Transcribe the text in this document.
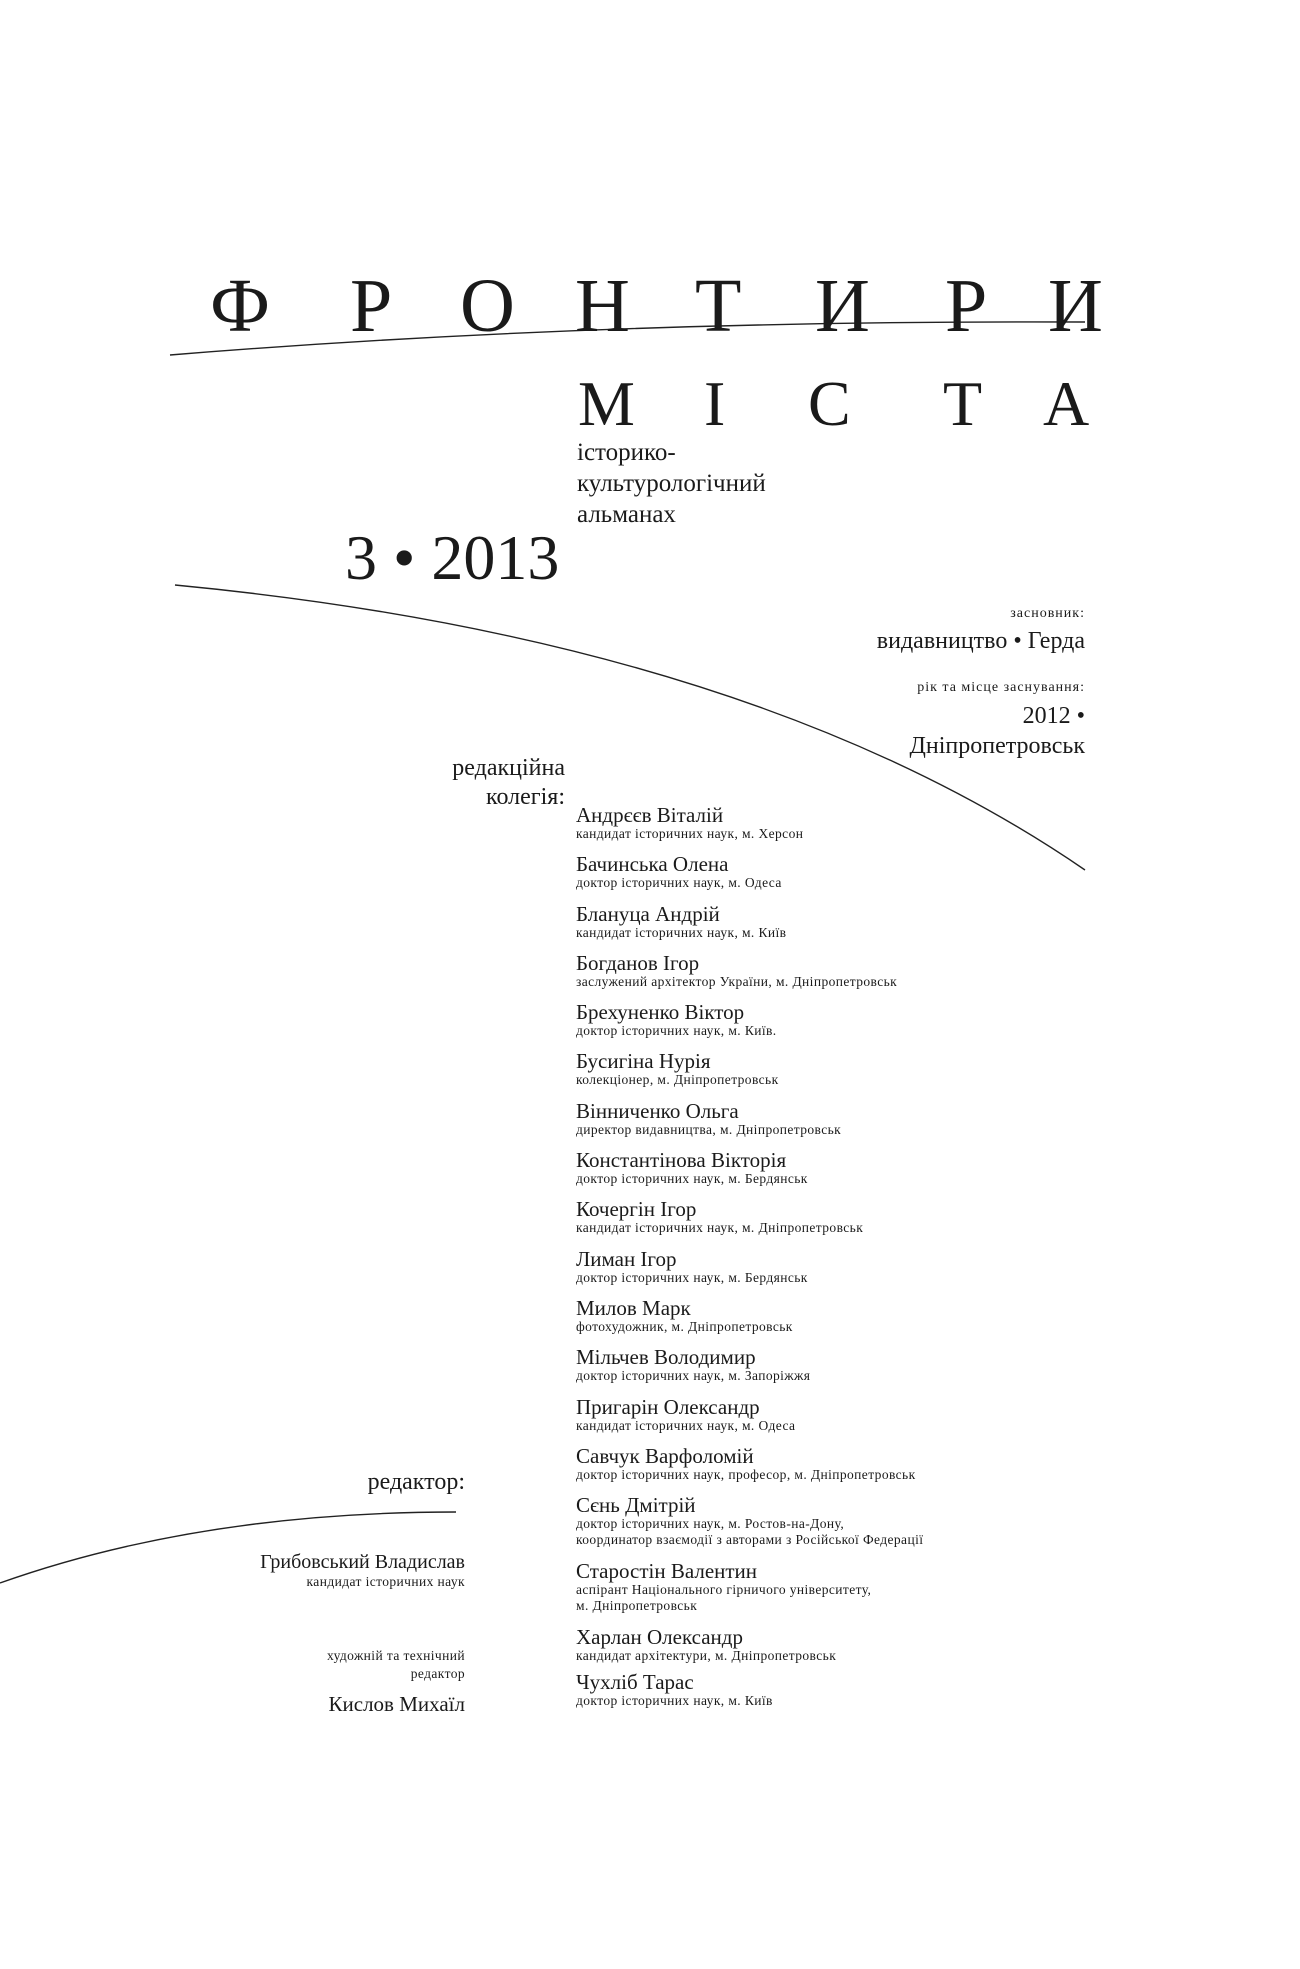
Ф Р О Н Т И Р И
М І С Т А
історико-
культурологічний
альманах
3 • 2013
засновник:
видавництво • Герда
рік та місце заснування:
2012 •
Дніпропетровськ
редакційна
колегія:
Андрєєв Віталій
кандидат історичних наук, м. Херсон
Бачинська Олена
доктор історичних наук, м. Одеса
Блануца Андрій
кандидат історичних наук, м. Київ
Богданов Ігор
заслужений архітектор України, м. Дніпропетровськ
Брехуненко Віктор
доктор історичних наук, м. Київ.
Бусигіна Нурія
колекціонер, м. Дніпропетровськ
Вінниченко Ольга
директор видавництва, м. Дніпропетровськ
Константінова Вікторія
доктор історичних наук, м. Бердянськ
Кочергін Ігор
кандидат історичних наук, м. Дніпропетровськ
Лиман Ігор
доктор історичних наук, м. Бердянськ
Милов Марк
фотохудожник, м. Дніпропетровськ
Мільчев Володимир
доктор історичних наук, м. Запоріжжя
Пригарін Олександр
кандидат історичних наук, м. Одеса
Савчук Варфоломій
доктор історичних наук, професор, м. Дніпропетровськ
Сєнь Дмітрій
доктор історичних наук, м. Ростов-на-Дону,
координатор взаємодії з авторами з Російської Федерації
Старостін Валентин
аспірант Національного гірничого університету,
м. Дніпропетровськ
Харлан Олександр
кандидат архітектури, м. Дніпропетровськ
Чухліб Тарас
доктор історичних наук, м. Київ
редактор:
Грибовський Владислав
кандидат історичних наук
художній та технічний
редактор
Кислов Михаїл
